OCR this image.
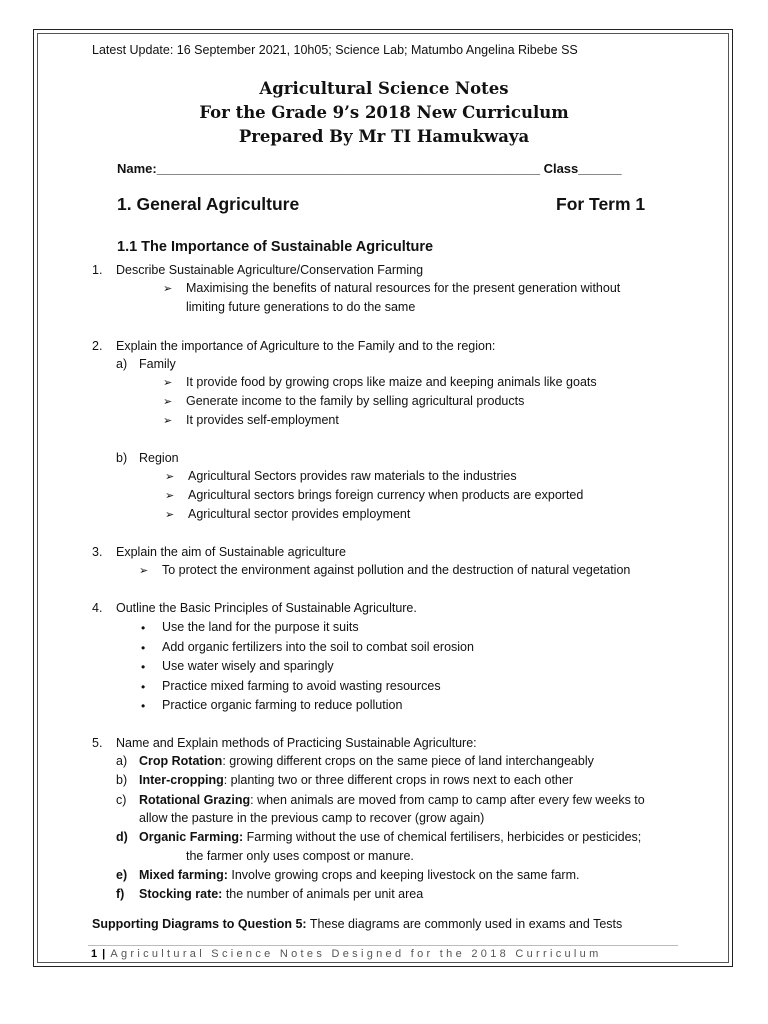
Latest Update: 16 September 2021, 10h05; Science Lab; Matumbo Angelina Ribebe SS
Agricultural Science Notes
For the Grade 9’s 2018 New Curriculum
Prepared By Mr TI Hamukwaya
Name:_____________________________________________________ Class______
1. General Agriculture	For Term 1
1.1 The Importance of Sustainable Agriculture
1. Describe Sustainable Agriculture/Conservation Farming
➢ Maximising the benefits of natural resources for the present generation without
limiting future generations to do the same
2. Explain the importance of Agriculture to the Family and to the region:
a) Family
➢ It provide food by growing crops like maize and keeping animals like goats
➢ Generate income to the family by selling agricultural products
➢ It provides self-employment
b) Region
➢ Agricultural Sectors provides raw materials to the industries
➢ Agricultural sectors brings foreign currency when products are exported
➢ Agricultural sector provides employment
3. Explain the aim of Sustainable agriculture
➢ To protect the environment against pollution and the destruction of natural vegetation
4. Outline the Basic Principles of Sustainable Agriculture.
• Use the land for the purpose it suits
• Add organic fertilizers into the soil to combat soil erosion
• Use water wisely and sparingly
• Practice mixed farming to avoid wasting resources
• Practice organic farming to reduce pollution
5. Name and Explain methods of Practicing Sustainable Agriculture:
a) Crop Rotation: growing different crops on the same piece of land interchangeably
b) Inter-cropping: planting two or three different crops in rows next to each other
c) Rotational Grazing: when animals are moved from camp to camp after every few weeks to
allow the pasture in the previous camp to recover (grow again)
d) Organic Farming: Farming without the use of chemical fertilisers, herbicides or pesticides;
the farmer only uses compost or manure.
e) Mixed farming: Involve growing crops and keeping livestock on the same farm.
f) Stocking rate: the number of animals per unit area
Supporting Diagrams to Question 5: These diagrams are commonly used in exams and Tests
1 | Agricultural Science Notes Designed for the 2018 Curriculum
